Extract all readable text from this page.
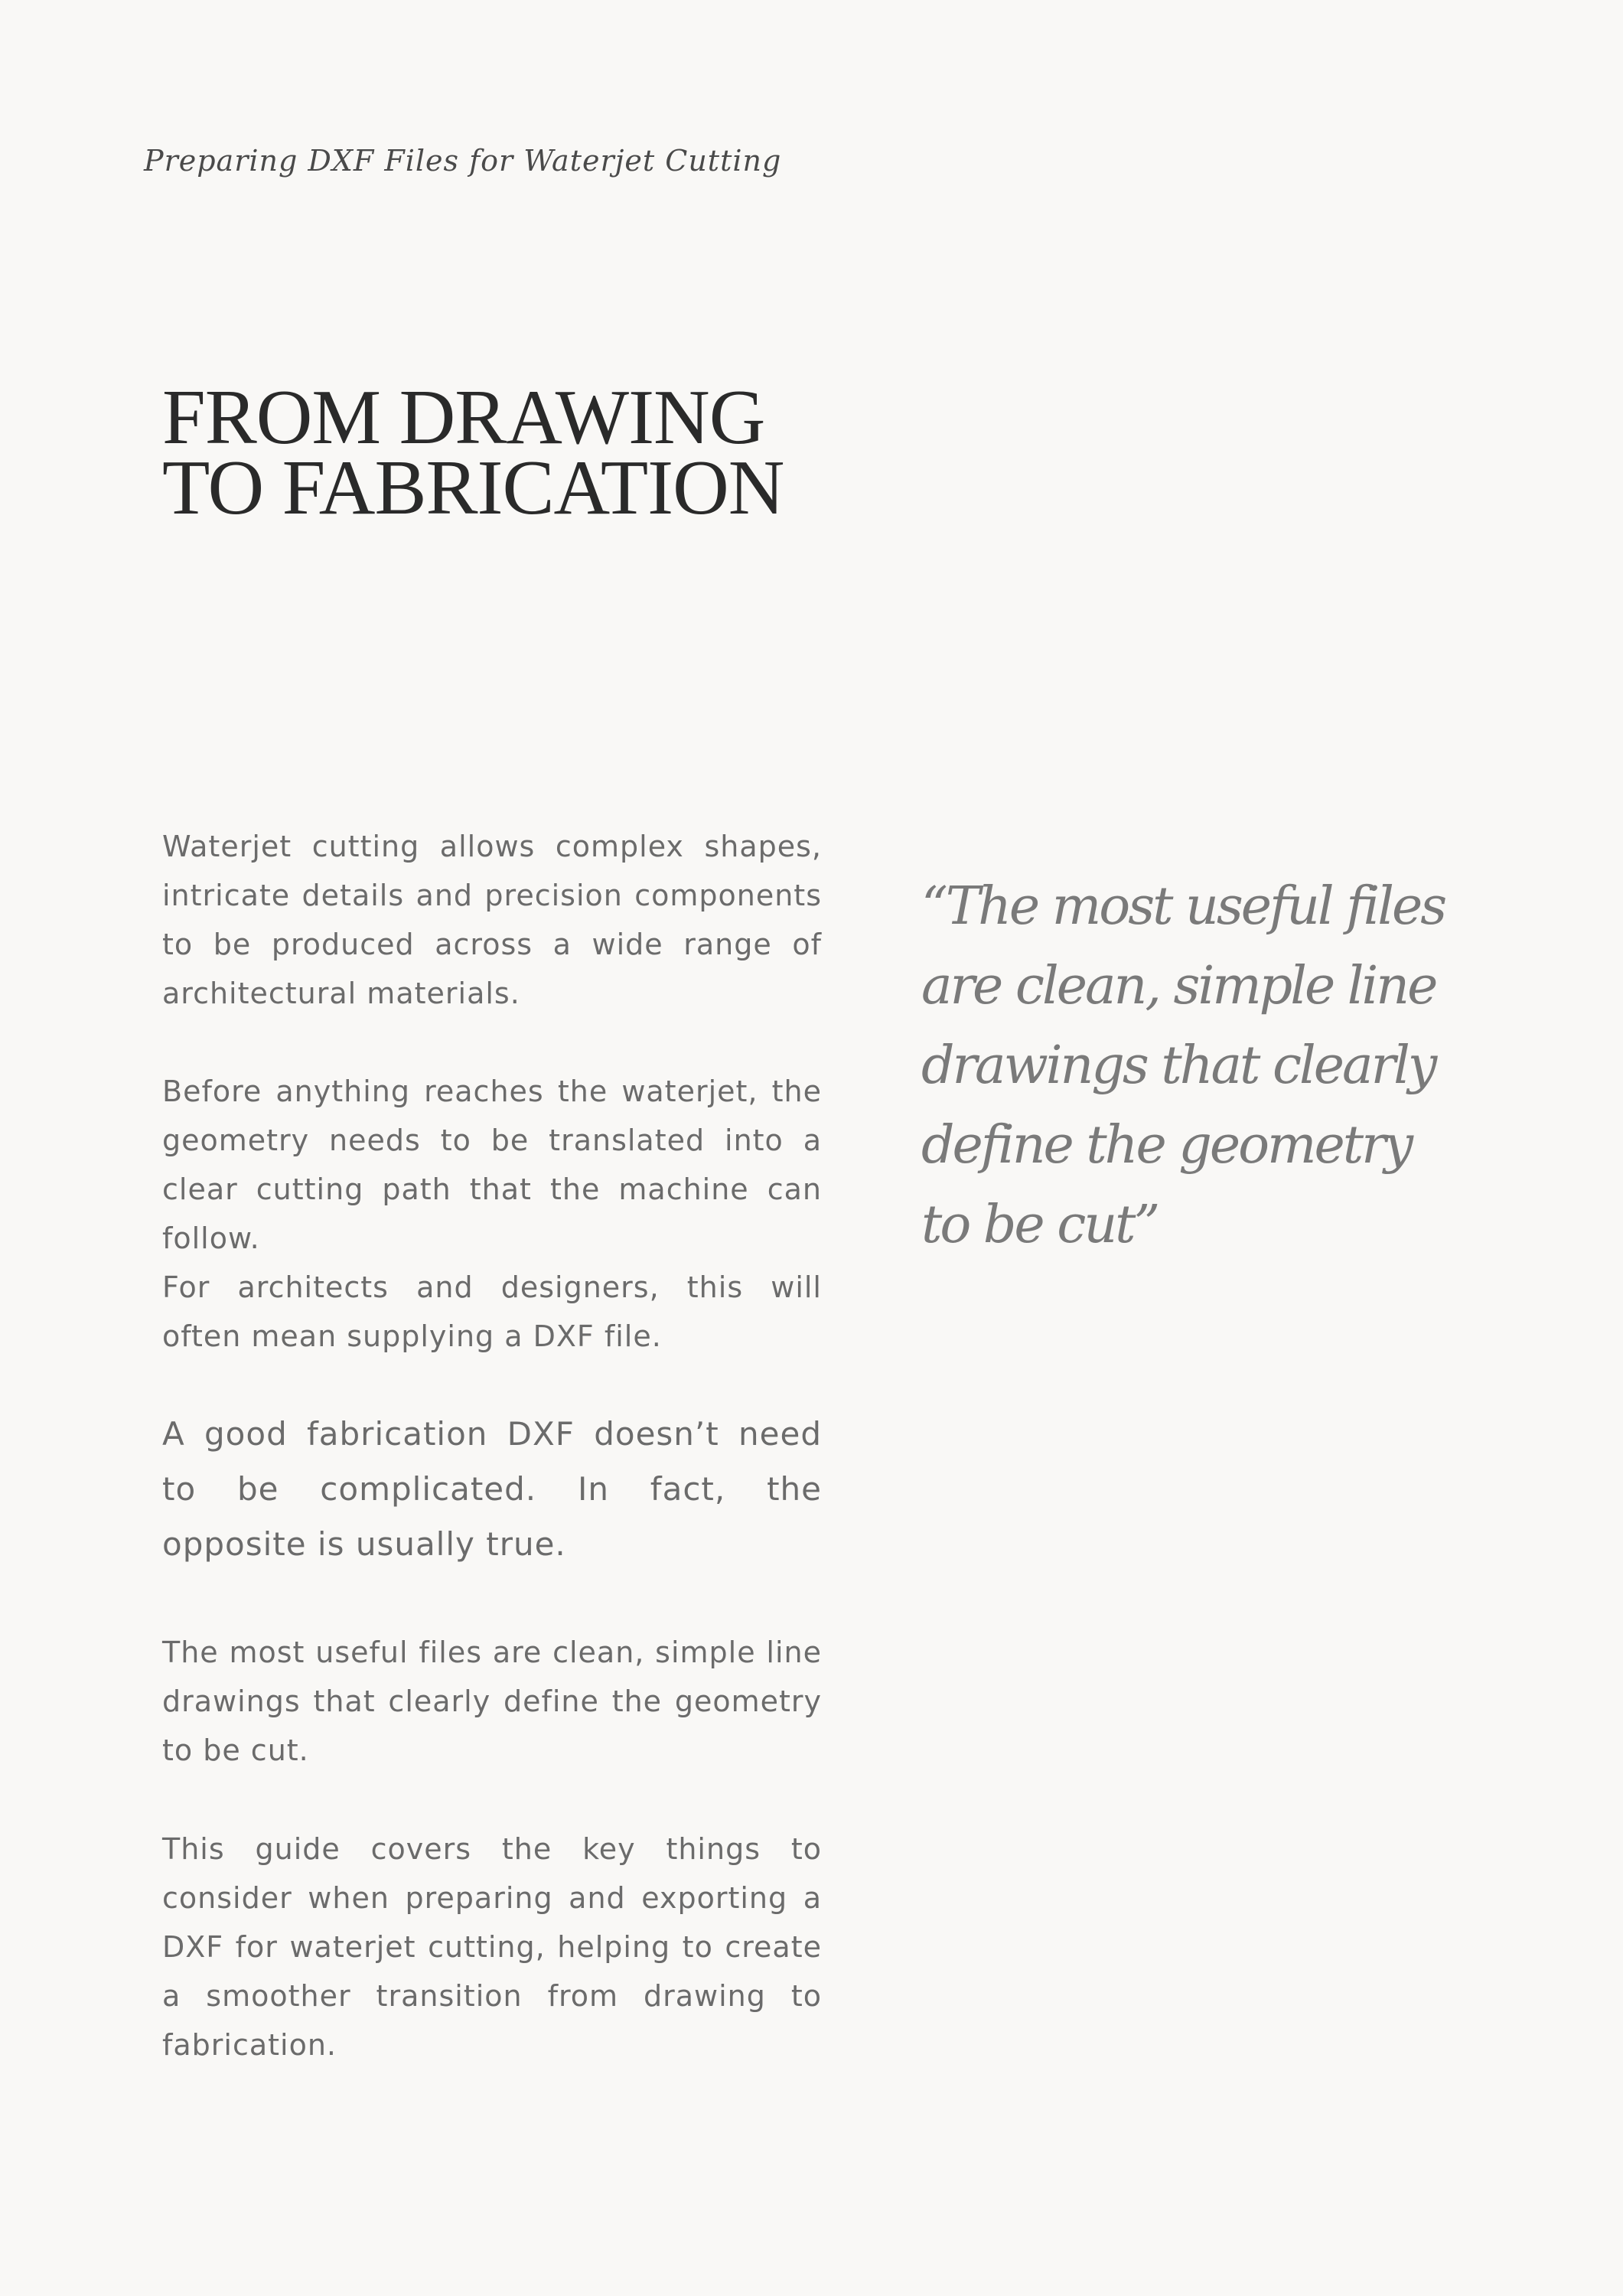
Preparing DXF Files for Waterjet Cutting

FROM DRAWING
TO FABRICATION

Waterjet cutting allows complex shapes, intricate details and precision components to be produced across a wide range of architectural materials.

Before anything reaches the waterjet, the geometry needs to be translated into a clear cutting path that the machine can follow.

For architects and designers, this will often mean supplying a DXF file.

A good fabrication DXF doesn’t need to be complicated. In fact, the opposite is usually true.

The most useful files are clean, simple line drawings that clearly define the geometry to be cut.

This guide covers the key things to consider when preparing and exporting a DXF for waterjet cutting, helping to create a smoother transition from drawing to fabrication.

“The most useful files are clean, simple line drawings that clearly define the geometry to be cut”
